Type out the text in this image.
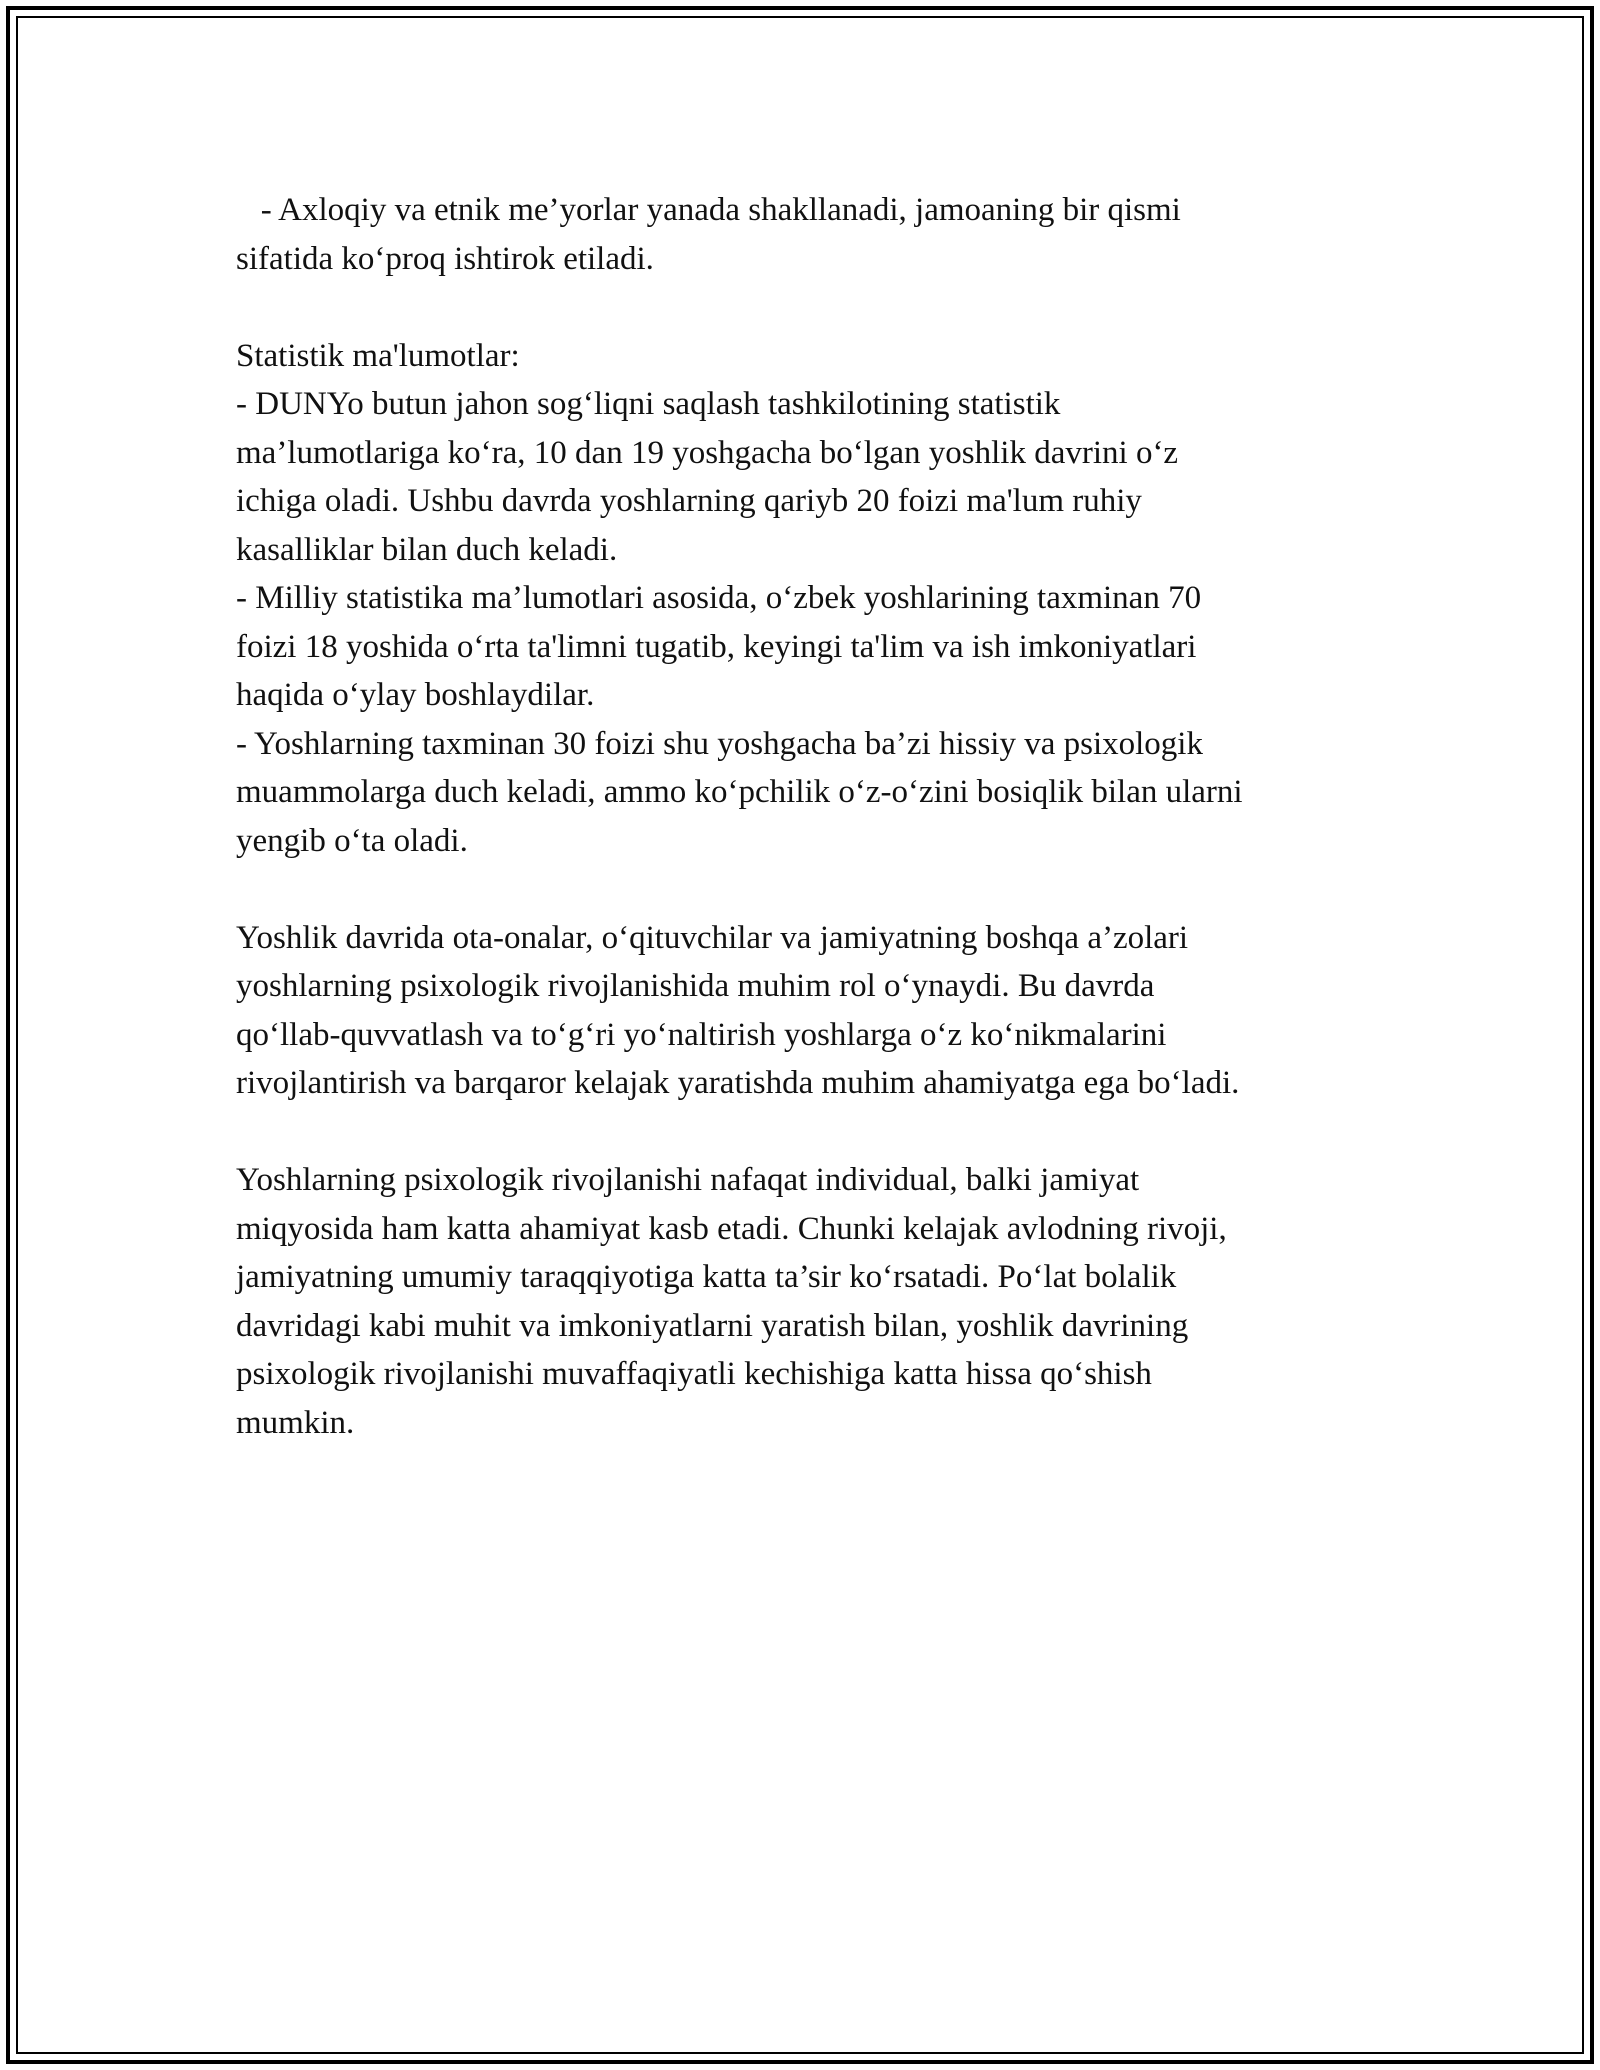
- Axloqiy va etnik me’yorlar yanada shakllanadi, jamoaning bir qismi

sifatida ko‘proq ishtirok etiladi.

Statistik ma'lumotlar:

- DUNYo butun jahon sog‘liqni saqlash tashkilotining statistik

ma’lumotlariga ko‘ra, 10 dan 19 yoshgacha bo‘lgan yoshlik davrini o‘z

ichiga oladi. Ushbu davrda yoshlarning qariyb 20 foizi ma'lum ruhiy

kasalliklar bilan duch keladi.

- Milliy statistika ma’lumotlari asosida, o‘zbek yoshlarining taxminan 70

foizi 18 yoshida o‘rta ta'limni tugatib, keyingi ta'lim va ish imkoniyatlari

haqida o‘ylay boshlaydilar.

- Yoshlarning taxminan 30 foizi shu yoshgacha ba’zi hissiy va psixologik

muammolarga duch keladi, ammo ko‘pchilik o‘z-o‘zini bosiqlik bilan ularni

yengib o‘ta oladi.

Yoshlik davrida ota-onalar, o‘qituvchilar va jamiyatning boshqa a’zolari

yoshlarning psixologik rivojlanishida muhim rol o‘ynaydi. Bu davrda

qo‘llab-quvvatlash va to‘g‘ri yo‘naltirish yoshlarga o‘z ko‘nikmalarini

rivojlantirish va barqaror kelajak yaratishda muhim ahamiyatga ega bo‘ladi.

Yoshlarning psixologik rivojlanishi nafaqat individual, balki jamiyat

miqyosida ham katta ahamiyat kasb etadi. Chunki kelajak avlodning rivoji,

jamiyatning umumiy taraqqiyotiga katta ta’sir ko‘rsatadi. Po‘lat bolalik

davridagi kabi muhit va imkoniyatlarni yaratish bilan, yoshlik davrining

psixologik rivojlanishi muvaffaqiyatli kechishiga katta hissa qo‘shish

mumkin.
